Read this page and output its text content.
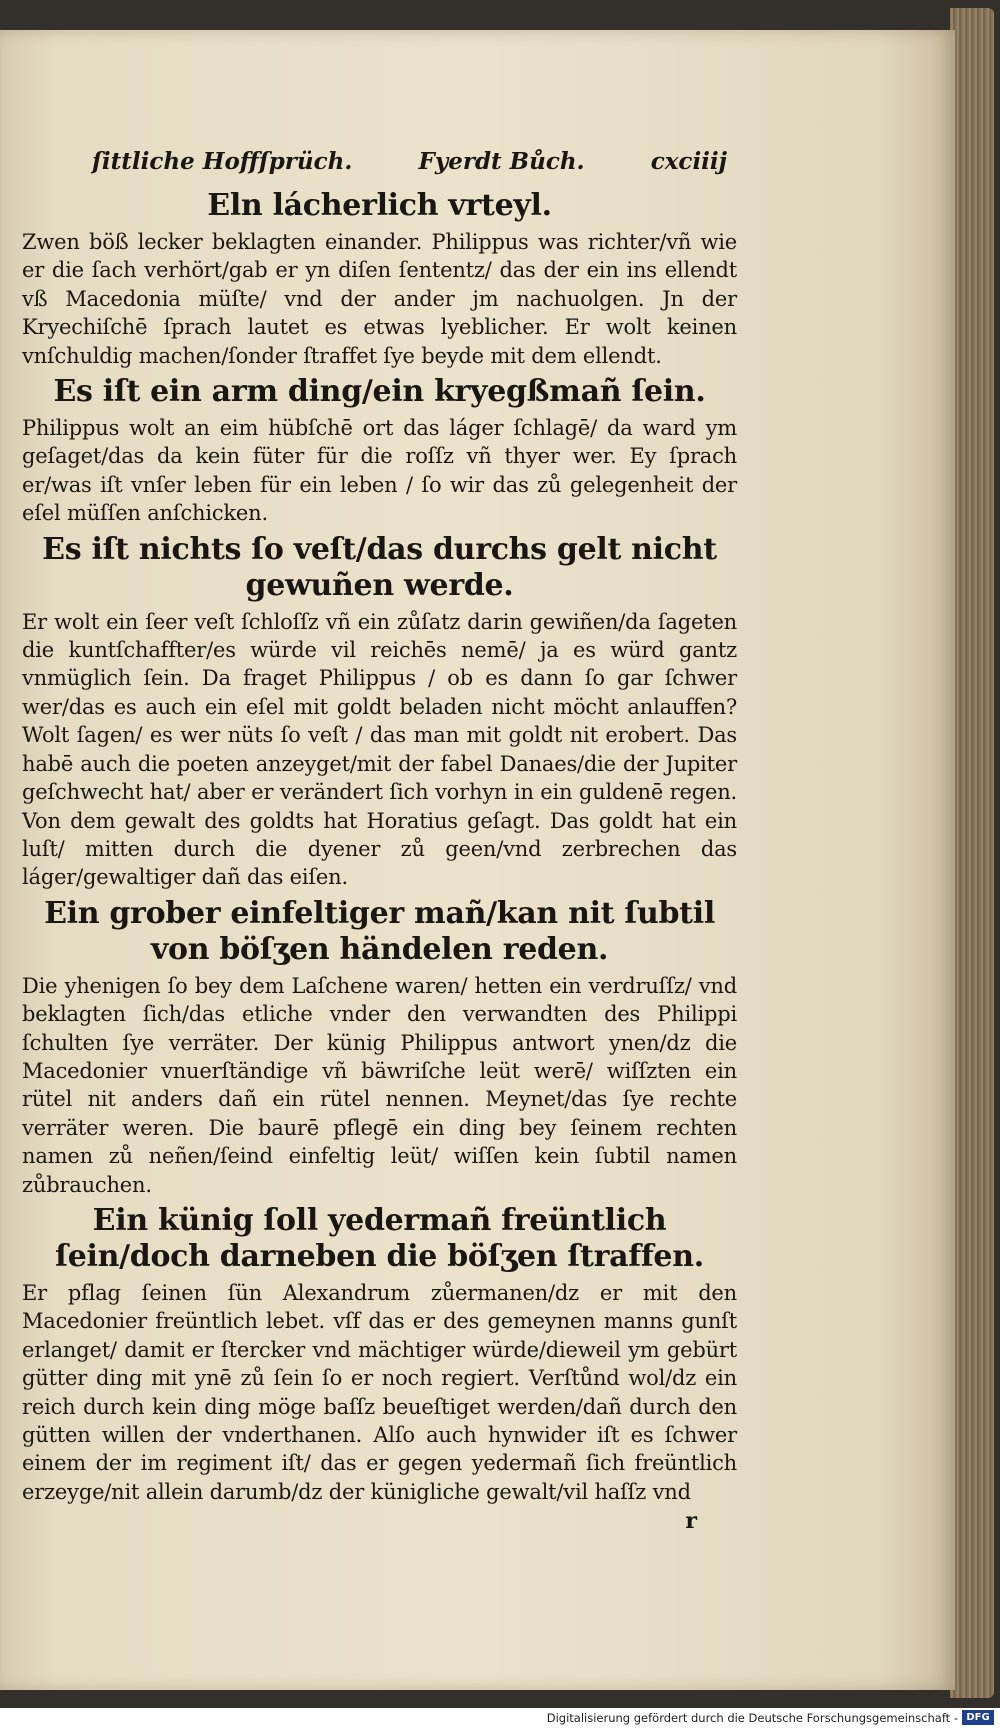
ſittliche Hoffſprüch.	Fyerdt Bůch.	cxciiij
Eln lácherlich vrteyl.

Zwen böß lecker beklagten einander. Philippus was richter/vñ wie er die ſach verhört/gab er yn diſen ſententz/ das der ein ins ellendt vß Macedonia müſte/ vnd der ander jm nachuolgen. Jn der Kryechiſchē ſprach lautet es etwas lyeblicher. Er wolt keinen vnſchuldig machen/ſonder ſtraffet ſye beyde mit dem ellendt.

Es iſt ein arm ding/ein kryegßmañ ſein.

Philippus wolt an eim hübſchē ort das láger ſchlagē/ da ward ym geſaget/das da kein füter für die roſſz vñ thyer wer. Ey ſprach er/was iſt vnſer leben für ein leben / ſo wir das zů gelegenheit der eſel müſſen anſchicken.

Es iſt nichts ſo veſt/das durchs gelt nicht gewuñen werde.

Er wolt ein ſeer veſt ſchloſſz vñ ein zůſatz darin gewiñen/da ſageten die kuntſchaffter/es würde vil reichēs nemē/ ja es würd gantz vnmüglich ſein. Da fraget Philippus / ob es dann ſo gar ſchwer wer/das es auch ein eſel mit goldt beladen nicht möcht anlauffen? Wolt ſagen/ es wer nüts ſo veſt / das man mit goldt nit erobert. Das habē auch die poeten anzeyget/mit der fabel Danaes/die der Jupiter geſchwecht hat/ aber er verändert ſich vorhyn in ein guldenē regen. Von dem gewalt des goldts hat Horatius geſagt. Das goldt hat ein luſt/ mitten durch die dyener zů geen/vnd zerbrechen das láger/gewaltiger dañ das eiſen.

Ein grober einfeltiger mañ/kan nit ſubtil von böſʒen händelen reden.

Die yhenigen ſo bey dem Laſchene waren/ hetten ein verdruſſz/ vnd beklagten ſich/das etliche vnder den verwandten des Philippi ſchulten ſye verräter. Der künig Philippus antwort ynen/dz die Macedonier vnuerſtändige vñ bäwriſche leüt werē/ wiſſzten ein rütel nit anders dañ ein rütel nennen. Meynet/das ſye rechte verräter weren. Die baurē pflegē ein ding bey ſeinem rechten namen zů neñen/ſeind einfeltig leüt/ wiſſen kein ſubtil namen zůbrauchen.

Ein künig ſoll yedermañ freüntlich ſein/doch darneben die böſʒen ſtraffen.

Er pflag ſeinen ſün Alexandrum zůermanen/dz er mit den Macedonier freüntlich lebet. vſf das er des gemeynen manns gunſt erlanget/ damit er ſtercker vnd mächtiger würde/dieweil ym gebürt gütter ding mit ynē zů ſein ſo er noch regiert. Verſtůnd wol/dz ein reich durch kein ding möge baſſz beueſtiget werden/dañ durch den gütten willen der vnderthanen. Alſo auch hynwider iſt es ſchwer einem der im regiment iſt/ das er gegen yedermañ ſich freüntlich erzeyge/nit allein darumb/dz der künigliche gewalt/vil haſſz vnd

r
Digitalisierung gefördert durch die Deutsche Forschungsgemeinschaft - DFG
